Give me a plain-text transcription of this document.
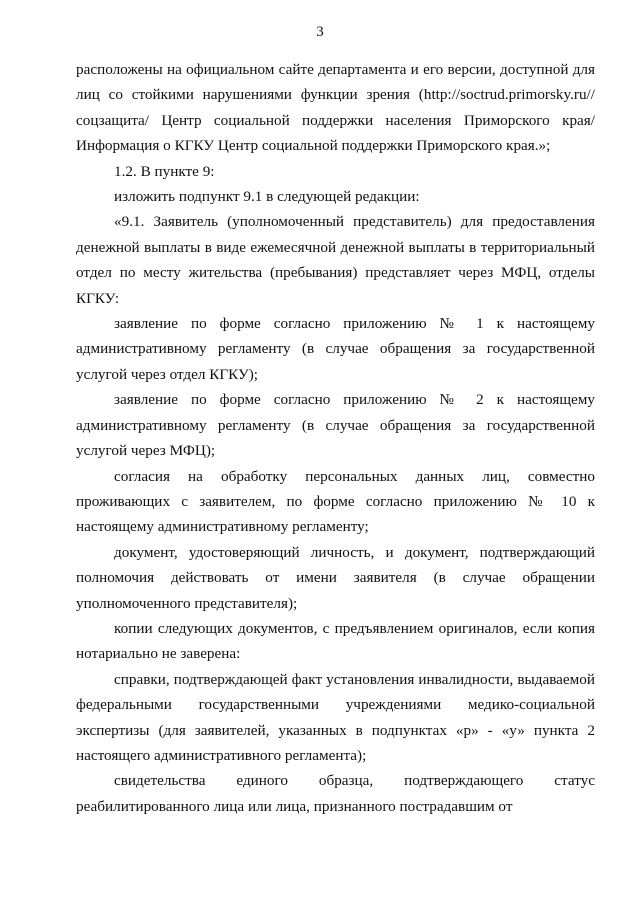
3

расположены на официальном сайте департамента и его версии, доступной для лиц со стойкими нарушениями функции зрения (http://soctrud.primorsky.ru// соцзащита/ Центр социальной поддержки населения Приморского края/Информация о КГКУ Центр социальной поддержки Приморского края.»;

1.2. В пункте 9:

изложить подпункт 9.1 в следующей редакции:

«9.1. Заявитель (уполномоченный представитель) для предоставления денежной выплаты в виде ежемесячной денежной выплаты в территориальный отдел по месту жительства (пребывания) представляет через МФЦ, отделы КГКУ:

заявление по форме согласно приложению № 1 к настоящему административному регламенту (в случае обращения за государственной услугой через отдел КГКУ);

заявление по форме согласно приложению № 2 к настоящему административному регламенту (в случае обращения за государственной услугой через МФЦ);

согласия на обработку персональных данных лиц, совместно проживающих с заявителем, по форме согласно приложению № 10 к настоящему административному регламенту;

документ, удостоверяющий личность, и документ, подтверждающий полномочия действовать от имени заявителя (в случае обращении уполномоченного представителя);

копии следующих документов, с предъявлением оригиналов, если копия нотариально не заверена:

справки, подтверждающей факт установления инвалидности, выдаваемой федеральными государственными учреждениями медико-социальной экспертизы (для заявителей, указанных в подпунктах «р» - «у» пункта 2 настоящего административного регламента);

свидетельства единого образца, подтверждающего статус реабилитированного лица или лица, признанного пострадавшим от
